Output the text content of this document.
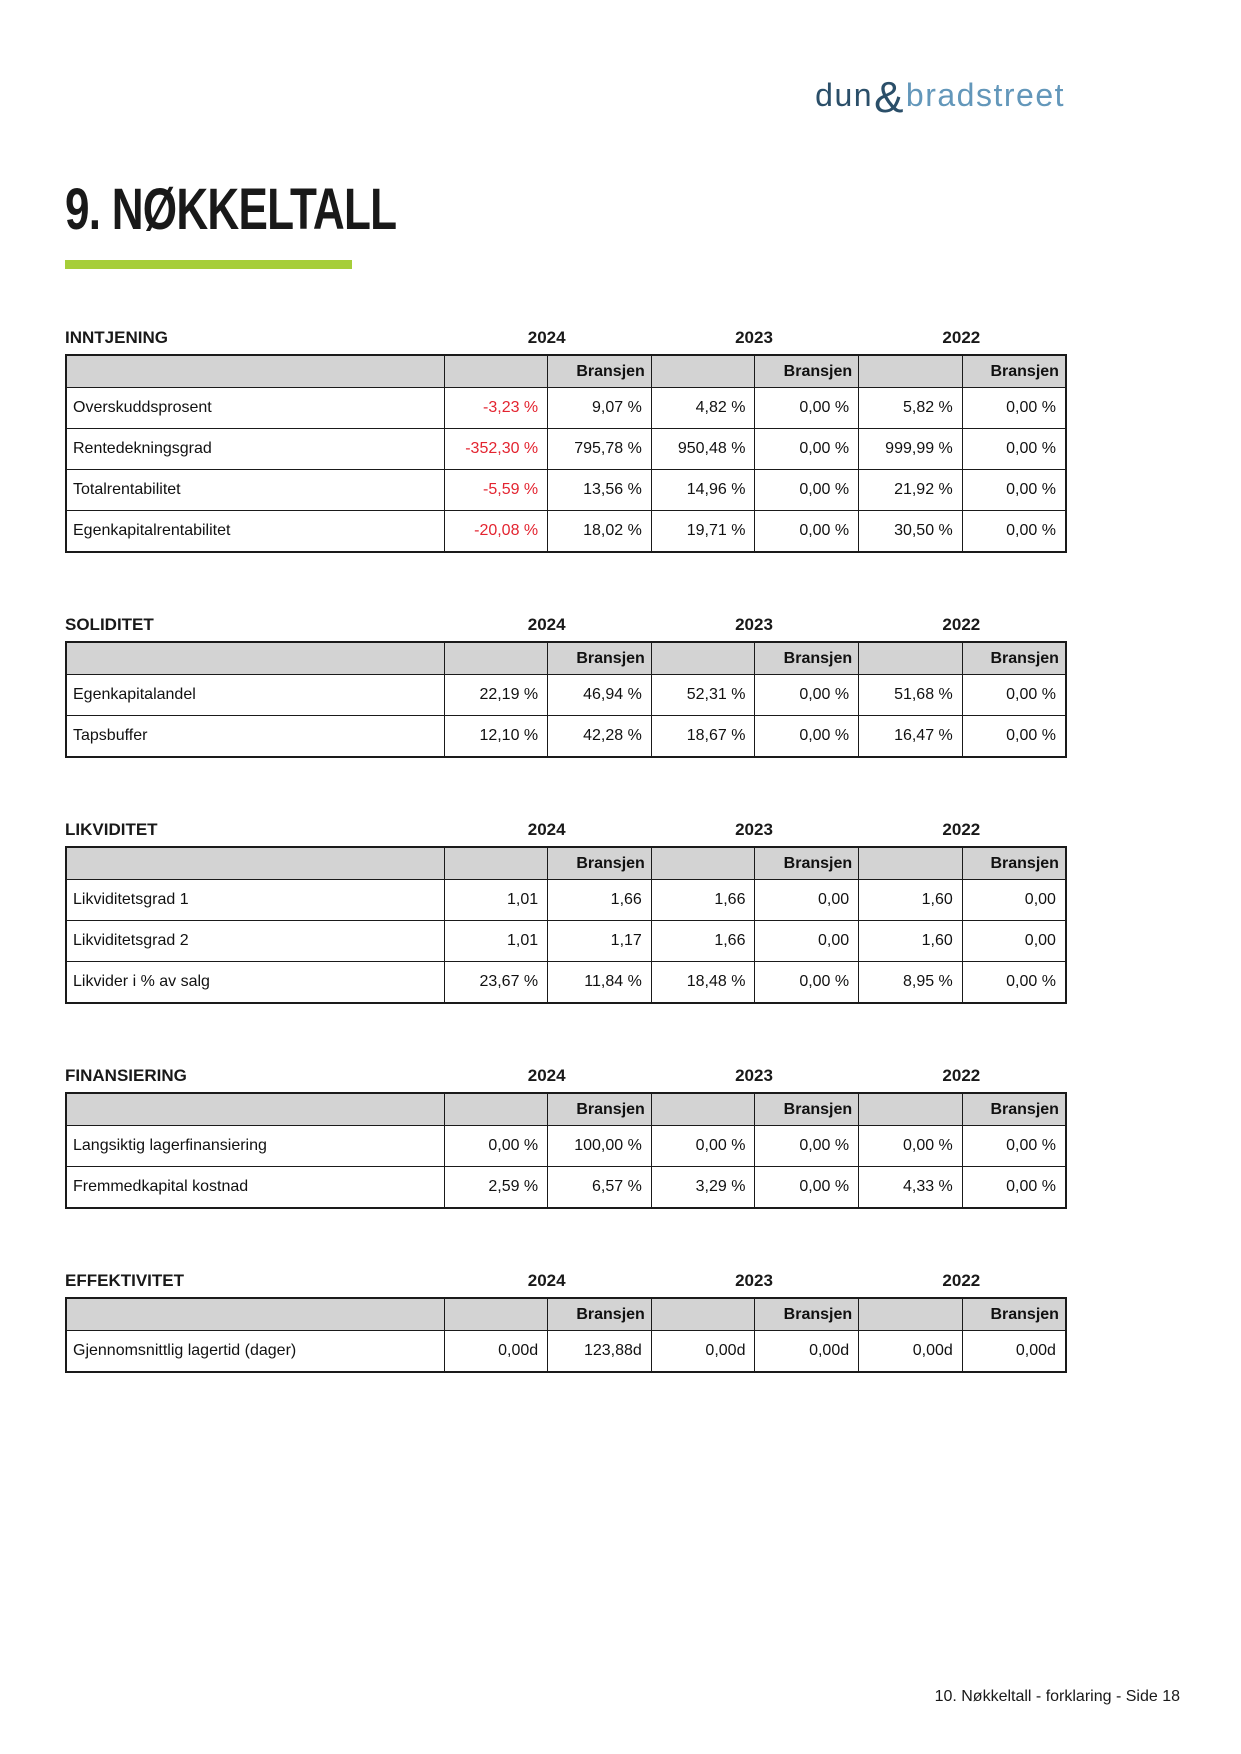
dun&bradstreet
9. NØKKELTALL
INNTJENING	2024	2023	2022
		Bransjen		Bransjen		Bransjen
Overskuddsprosent	-3,23 %	9,07 %	4,82 %	0,00 %	5,82 %	0,00 %
Rentedekningsgrad	-352,30 %	795,78 %	950,48 %	0,00 %	999,99 %	0,00 %
Totalrentabilitet	-5,59 %	13,56 %	14,96 %	0,00 %	21,92 %	0,00 %
Egenkapitalrentabilitet	-20,08 %	18,02 %	19,71 %	0,00 %	30,50 %	0,00 %
SOLIDITET	2024	2023	2022
		Bransjen		Bransjen		Bransjen
Egenkapitalandel	22,19 %	46,94 %	52,31 %	0,00 %	51,68 %	0,00 %
Tapsbuffer	12,10 %	42,28 %	18,67 %	0,00 %	16,47 %	0,00 %
LIKVIDITET	2024	2023	2022
		Bransjen		Bransjen		Bransjen
Likviditetsgrad 1	1,01	1,66	1,66	0,00	1,60	0,00
Likviditetsgrad 2	1,01	1,17	1,66	0,00	1,60	0,00
Likvider i % av salg	23,67 %	11,84 %	18,48 %	0,00 %	8,95 %	0,00 %
FINANSIERING	2024	2023	2022
		Bransjen		Bransjen		Bransjen
Langsiktig lagerfinansiering	0,00 %	100,00 %	0,00 %	0,00 %	0,00 %	0,00 %
Fremmedkapital kostnad	2,59 %	6,57 %	3,29 %	0,00 %	4,33 %	0,00 %
EFFEKTIVITET	2024	2023	2022
		Bransjen		Bransjen		Bransjen
Gjennomsnittlig lagertid (dager)	0,00d	123,88d	0,00d	0,00d	0,00d	0,00d
10. Nøkkeltall - forklaring - Side 18
